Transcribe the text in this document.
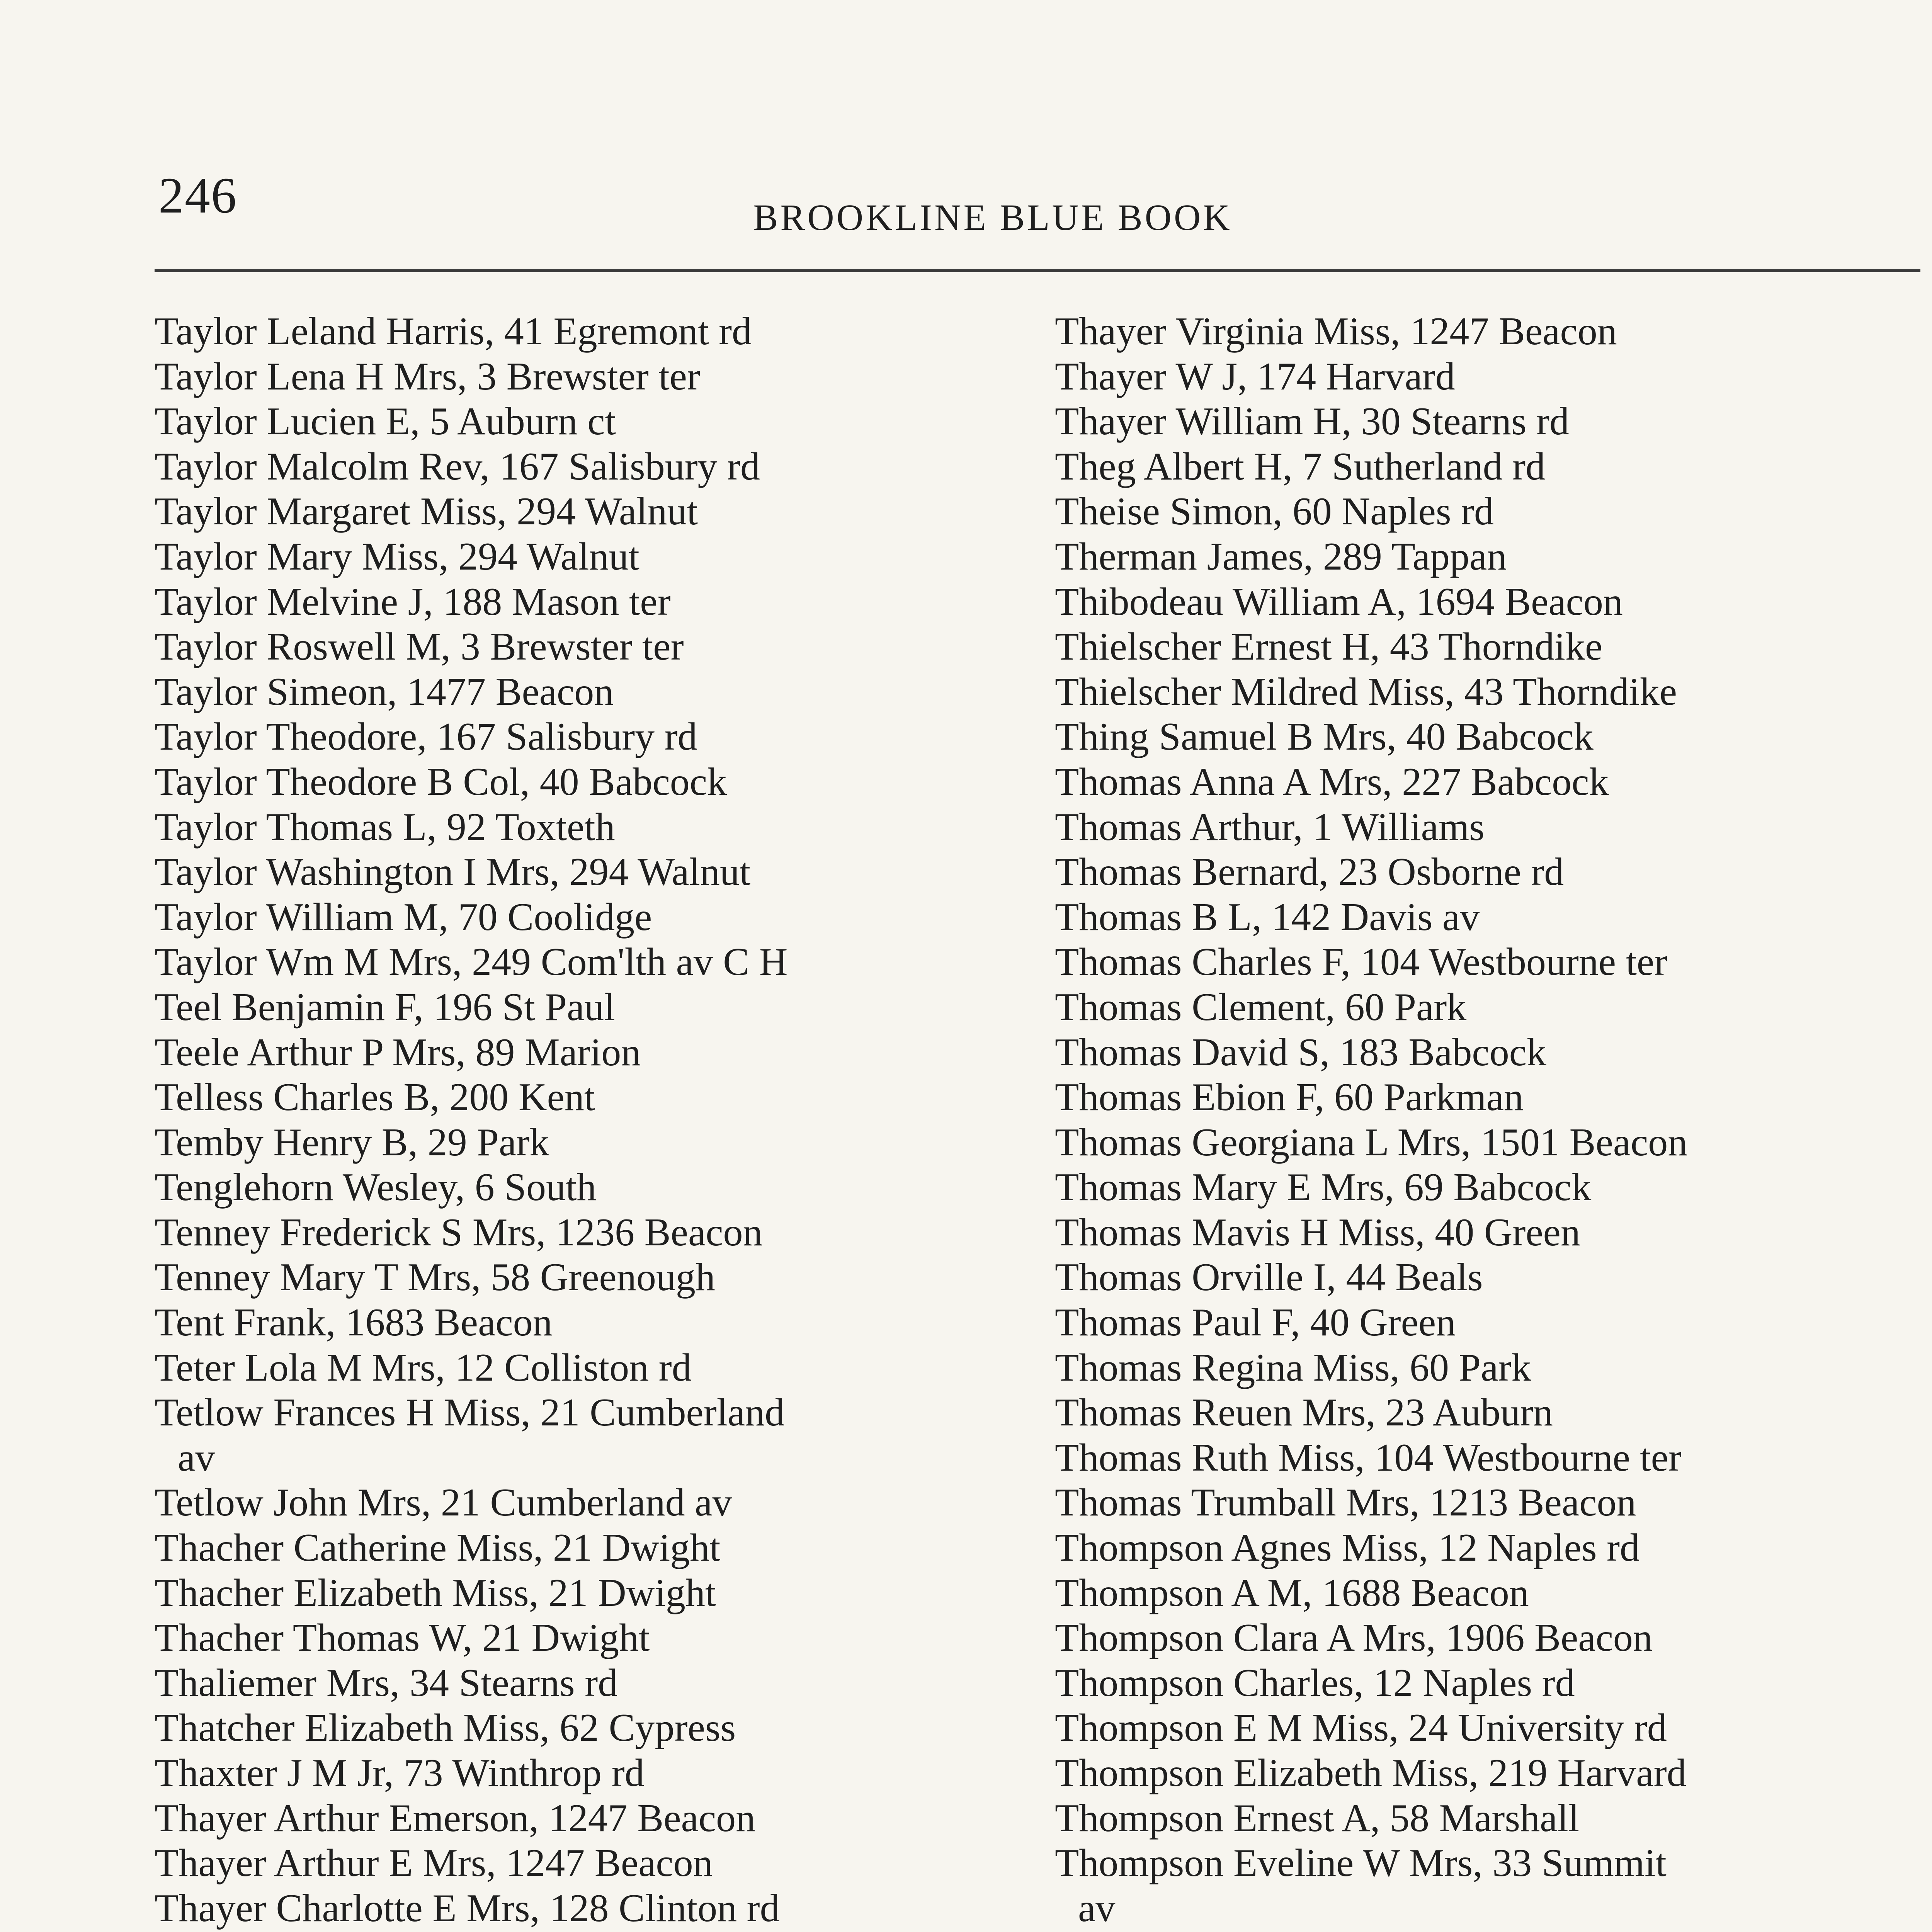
246	BROOKLINE BLUE BOOK
Taylor Leland Harris, 41 Egremont rd
Taylor Lena H Mrs, 3 Brewster ter
Taylor Lucien E, 5 Auburn ct
Taylor Malcolm Rev, 167 Salisbury rd
Taylor Margaret Miss, 294 Walnut
Taylor Mary Miss, 294 Walnut
Taylor Melvine J, 188 Mason ter
Taylor Roswell M, 3 Brewster ter
Taylor Simeon, 1477 Beacon
Taylor Theodore, 167 Salisbury rd
Taylor Theodore B Col, 40 Babcock
Taylor Thomas L, 92 Toxteth
Taylor Washington I Mrs, 294 Walnut
Taylor William M, 70 Coolidge
Taylor Wm M Mrs, 249 Com'lth av C H
Teel Benjamin F, 196 St Paul
Teele Arthur P Mrs, 89 Marion
Telless Charles B, 200 Kent
Temby Henry B, 29 Park
Tenglehorn Wesley, 6 South
Tenney Frederick S Mrs, 1236 Beacon
Tenney Mary T Mrs, 58 Greenough
Tent Frank, 1683 Beacon
Teter Lola M Mrs, 12 Colliston rd
Tetlow Frances H Miss, 21 Cumberland
av
Tetlow John Mrs, 21 Cumberland av
Thacher Catherine Miss, 21 Dwight
Thacher Elizabeth Miss, 21 Dwight
Thacher Thomas W, 21 Dwight
Thaliemer Mrs, 34 Stearns rd
Thatcher Elizabeth Miss, 62 Cypress
Thaxter J M Jr, 73 Winthrop rd
Thayer Arthur Emerson, 1247 Beacon
Thayer Arthur E Mrs, 1247 Beacon
Thayer Charlotte E Mrs, 128 Clinton rd
Thayer Virginia Miss, 1247 Beacon
Thayer W J, 174 Harvard
Thayer William H, 30 Stearns rd
Theg Albert H, 7 Sutherland rd
Theise Simon, 60 Naples rd
Therman James, 289 Tappan
Thibodeau William A, 1694 Beacon
Thielscher Ernest H, 43 Thorndike
Thielscher Mildred Miss, 43 Thorndike
Thing Samuel B Mrs, 40 Babcock
Thomas Anna A Mrs, 227 Babcock
Thomas Arthur, 1 Williams
Thomas Bernard, 23 Osborne rd
Thomas B L, 142 Davis av
Thomas Charles F, 104 Westbourne ter
Thomas Clement, 60 Park
Thomas David S, 183 Babcock
Thomas Ebion F, 60 Parkman
Thomas Georgiana L Mrs, 1501 Beacon
Thomas Mary E Mrs, 69 Babcock
Thomas Mavis H Miss, 40 Green
Thomas Orville I, 44 Beals
Thomas Paul F, 40 Green
Thomas Regina Miss, 60 Park
Thomas Reuen Mrs, 23 Auburn
Thomas Ruth Miss, 104 Westbourne ter
Thomas Trumball Mrs, 1213 Beacon
Thompson Agnes Miss, 12 Naples rd
Thompson A M, 1688 Beacon
Thompson Clara A Mrs, 1906 Beacon
Thompson Charles, 12 Naples rd
Thompson E M Miss, 24 University rd
Thompson Elizabeth Miss, 219 Harvard
Thompson Ernest A, 58 Marshall
Thompson Eveline W Mrs, 33 Summit
av
